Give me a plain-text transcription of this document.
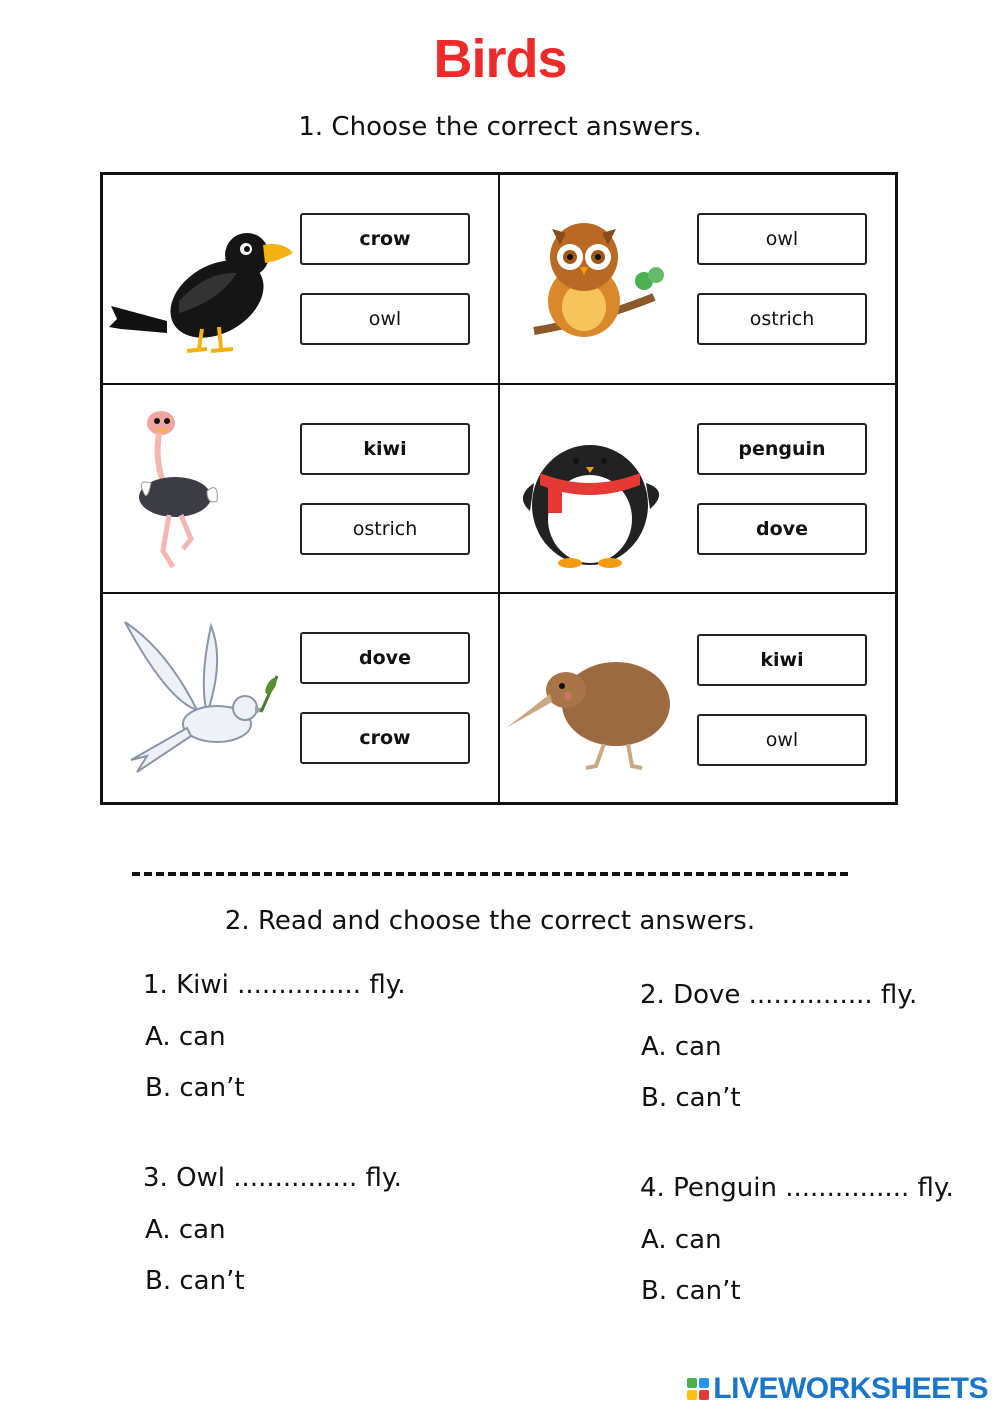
Birds
1. Choose the correct answers.
crow
owl
owl
ostrich
kiwi
ostrich
penguin
dove
dove
crow
kiwi
owl
2. Read and choose the correct answers.
1. Kiwi ............... fly.
A. can
B. can’t
2. Dove ............... fly.
A. can
B. can’t
3. Owl ............... fly.
A. can
B. can’t
4. Penguin ............... fly.
A. can
B. can’t
LIVEWORKSHEETS
